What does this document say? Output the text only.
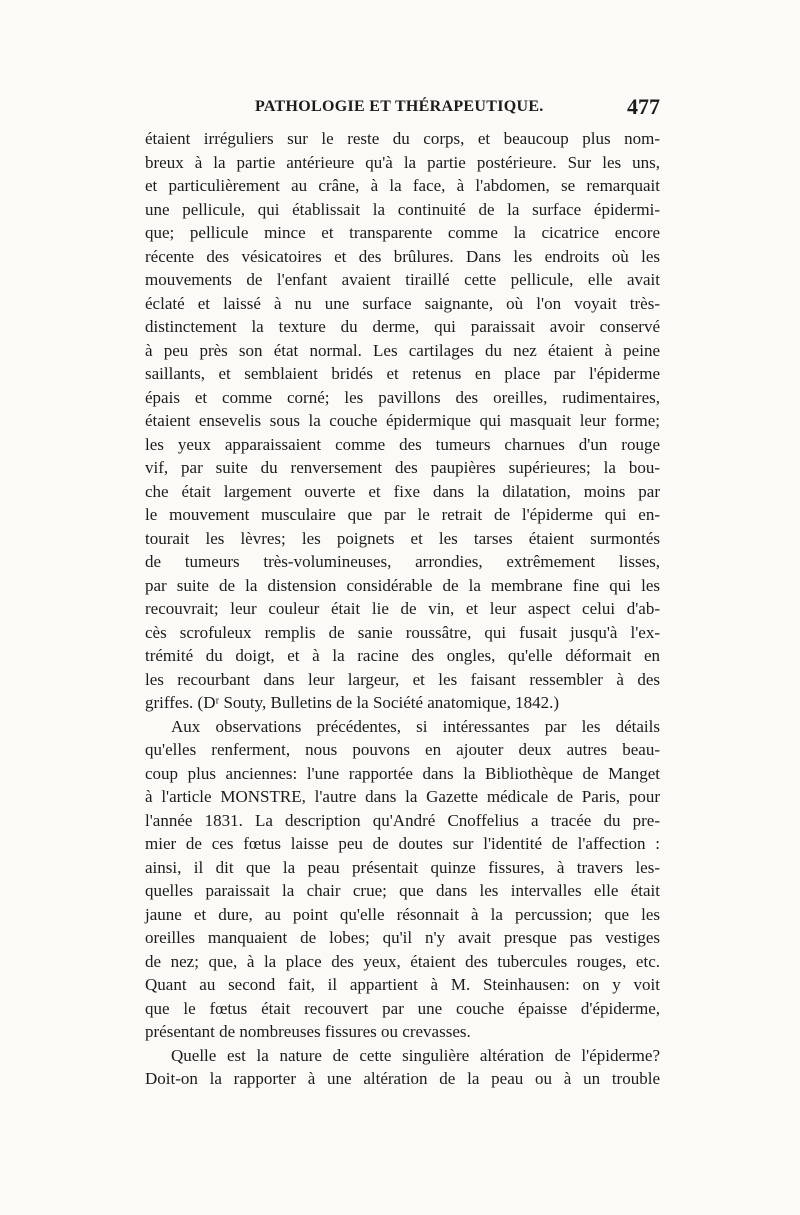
PATHOLOGIE ET THÉRAPEUTIQUE.	477
étaient irréguliers sur le reste du corps, et beaucoup plus nom-
breux à la partie antérieure qu'à la partie postérieure. Sur les uns,
et particulièrement au crâne, à la face, à l'abdomen, se remarquait
une pellicule, qui établissait la continuité de la surface épidermi-
que; pellicule mince et transparente comme la cicatrice encore
récente des vésicatoires et des brûlures. Dans les endroits où les
mouvements de l'enfant avaient tiraillé cette pellicule, elle avait
éclaté et laissé à nu une surface saignante, où l'on voyait très-
distinctement la texture du derme, qui paraissait avoir conservé
à peu près son état normal. Les cartilages du nez étaient à peine
saillants, et semblaient bridés et retenus en place par l'épiderme
épais et comme corné; les pavillons des oreilles, rudimentaires,
étaient ensevelis sous la couche épidermique qui masquait leur forme;
les yeux apparaissaient comme des tumeurs charnues d'un rouge
vif, par suite du renversement des paupières supérieures; la bou-
che était largement ouverte et fixe dans la dilatation, moins par
le mouvement musculaire que par le retrait de l'épiderme qui en-
tourait les lèvres; les poignets et les tarses étaient surmontés
de tumeurs très-volumineuses, arrondies, extrêmement lisses,
par suite de la distension considérable de la membrane fine qui les
recouvrait; leur couleur était lie de vin, et leur aspect celui d'ab-
cès scrofuleux remplis de sanie roussâtre, qui fusait jusqu'à l'ex-
trémité du doigt, et à la racine des ongles, qu'elle déformait en
les recourbant dans leur largeur, et les faisant ressembler à des
griffes. (Dʳ Souty, Bulletins de la Société anatomique, 1842.)
Aux observations précédentes, si intéressantes par les détails
qu'elles renferment, nous pouvons en ajouter deux autres beau-
coup plus anciennes: l'une rapportée dans la Bibliothèque de Manget
à l'article MONSTRE, l'autre dans la Gazette médicale de Paris, pour
l'année 1831. La description qu'André Cnoffelius a tracée du pre-
mier de ces fœtus laisse peu de doutes sur l'identité de l'affection :
ainsi, il dit que la peau présentait quinze fissures, à travers les-
quelles paraissait la chair crue; que dans les intervalles elle était
jaune et dure, au point qu'elle résonnait à la percussion; que les
oreilles manquaient de lobes; qu'il n'y avait presque pas vestiges
de nez; que, à la place des yeux, étaient des tubercules rouges, etc.
Quant au second fait, il appartient à M. Steinhausen: on y voit
que le fœtus était recouvert par une couche épaisse d'épiderme,
présentant de nombreuses fissures ou crevasses.
Quelle est la nature de cette singulière altération de l'épiderme?
Doit-on la rapporter à une altération de la peau ou à un trouble
